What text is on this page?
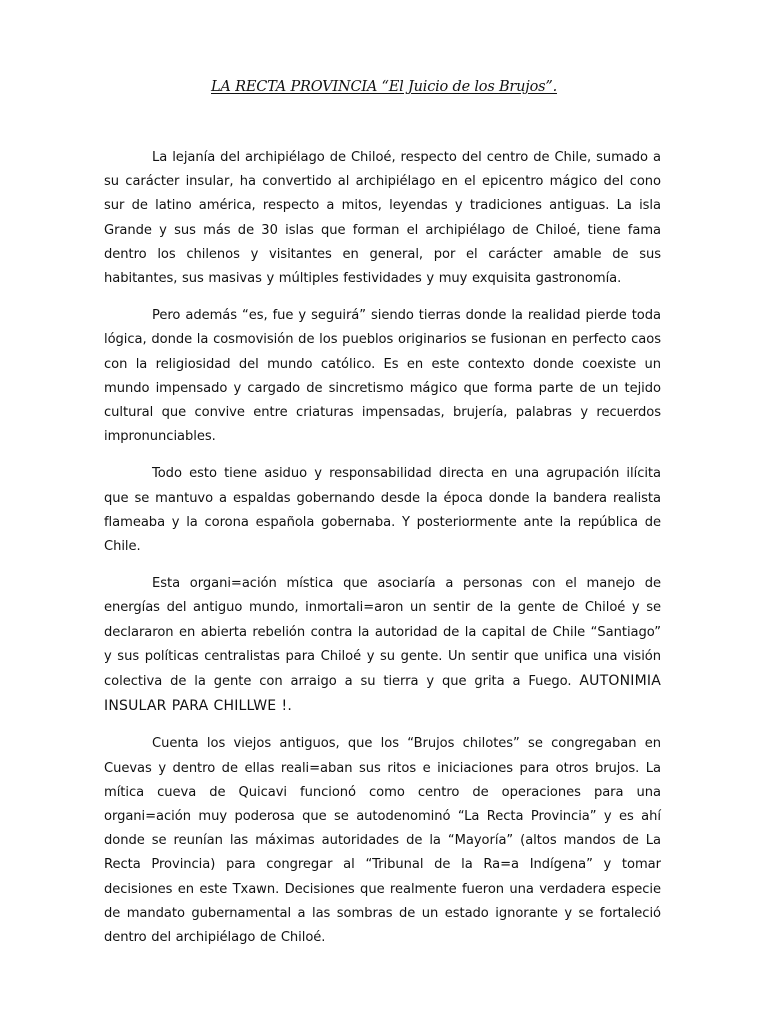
LA RECTA PROVINCIA “El Juicio de los Brujos”.

La lejanía del archipiélago de Chiloé, respecto del centro de Chile, sumado a su carácter insular, ha convertido al archipiélago en el epicentro mágico del cono sur de latino américa, respecto a mitos, leyendas y tradiciones antiguas. La isla Grande y sus más de 30 islas que forman el archipiélago de Chiloé, tiene fama dentro los chilenos y visitantes en general, por el carácter amable de sus habitantes, sus masivas y múltiples festividades y muy exquisita gastronomía.

Pero además “es, fue y seguirá” siendo tierras donde la realidad pierde toda lógica, donde la cosmovisión de los pueblos originarios se fusionan en perfecto caos con la religiosidad del mundo católico. Es en este contexto donde coexiste un mundo impensado y cargado de sincretismo mágico que forma parte de un tejido cultural que convive entre criaturas impensadas, brujería, palabras y recuerdos impronunciables.

Todo esto tiene asiduo y responsabilidad directa en una agrupación ilícita que se mantuvo a espaldas gobernando desde la época donde la bandera realista flameaba y la corona española gobernaba. Y posteriormente ante la república de Chile.

Esta organi=ación mística que asociaría a personas con el manejo de energías del antiguo mundo, inmortali=aron un sentir de la gente de Chiloé y se declararon en abierta rebelión contra la autoridad de la capital de Chile “Santiago” y sus políticas centralistas para Chiloé y su gente. Un sentir que unifica una visión colectiva de la gente con arraigo a su tierra y que grita a Fuego. AUTONIMIA INSULAR PARA CHILLWE !.

Cuenta los viejos antiguos, que los “Brujos chilotes” se congregaban en Cuevas y dentro de ellas reali=aban sus ritos e iniciaciones para otros brujos. La mítica cueva de Quicavi funcionó como centro de operaciones para una organi=ación muy poderosa que se autodenominó “La Recta Provincia” y es ahí donde se reunían las máximas autoridades de la “Mayoría” (altos mandos de La Recta Provincia) para congregar al “Tribunal de la Ra=a Indígena” y tomar decisiones en este Txawn. Decisiones que realmente fueron una verdadera especie de mandato gubernamental a las sombras de un estado ignorante y se fortaleció dentro del archipiélago de Chiloé.
